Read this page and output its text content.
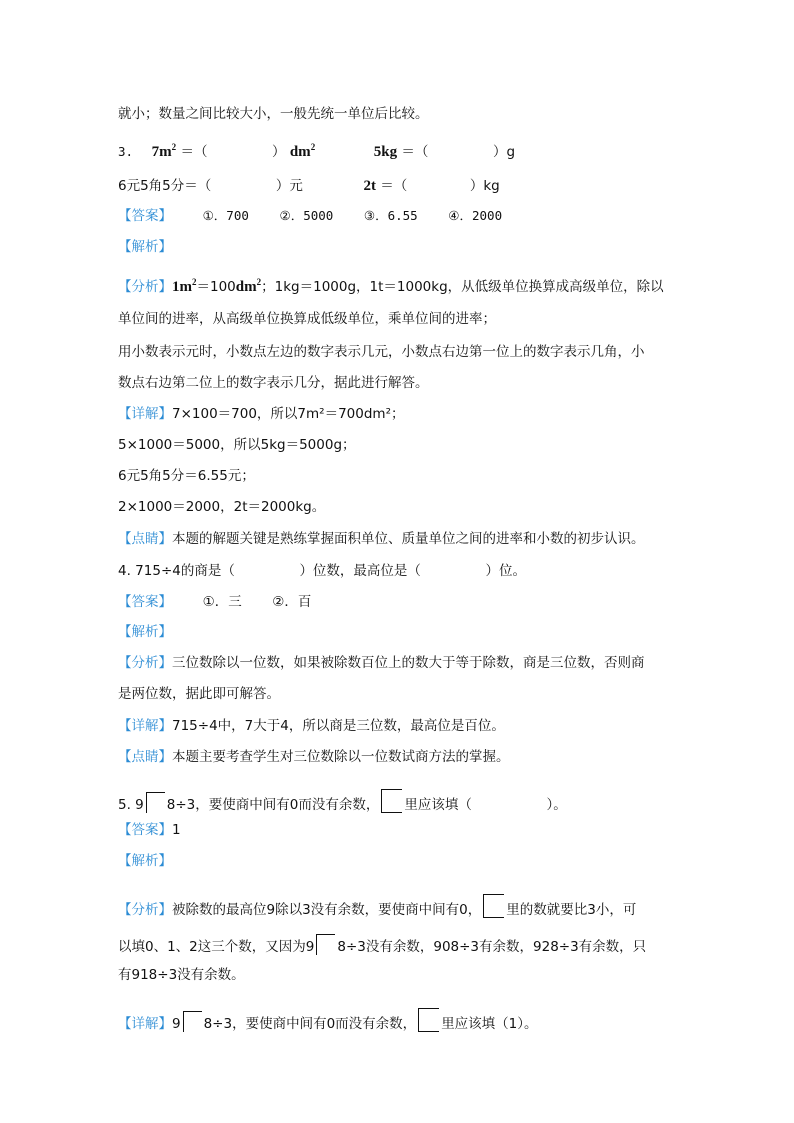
就小；数量之间比较大小，一般先统一单位后比较。
3. $7m^2$ ＝（	） $dm^2$	5kg ＝（	）g
6元5角5分＝（	）元	2t ＝（	）kg
【答案】 ①．700 ②．5000 ③．6.55 ④．2000
【解析】
【分析】$1m^2=100dm^2$；1kg＝1000g，1t＝1000kg，从低级单位换算成高级单位，除以
单位间的进率，从高级单位换算成低级单位，乘单位间的进率；
用小数表示元时，小数点左边的数字表示几元，小数点右边第一位上的数字表示几角，小
数点右边第二位上的数字表示几分，据此进行解答。
【详解】7×100＝700，所以7m²＝700dm²；
5×1000＝5000，所以5kg＝5000g；
6元5角5分＝6.55元；
2×1000＝2000，2t＝2000kg。
【点睛】本题的解题关键是熟练掌握面积单位、质量单位之间的进率和小数的初步认识。
4. 715÷4的商是（	）位数，最高位是（	）位。
【答案】 ①．三 ②．百
【解析】
【分析】三位数除以一位数，如果被除数百位上的数大于等于除数，商是三位数，否则商
是两位数，据此即可解答。
【详解】715÷4中，7大于4，所以商是三位数，最高位是百位。
【点睛】本题主要考查学生对三位数除以一位数试商方法的掌握。
5. 9 8÷3，要使商中间有0而没有余数， 里应该填（	）。
【答案】1
【解析】
【分析】被除数的最高位9除以3没有余数，要使商中间有0， 里的数就要比3小，可
以填0、1、2这三个数，又因为9 8÷3没有余数，908÷3有余数，928÷3有余数，只
有918÷3没有余数。
【详解】9 8÷3，要使商中间有0而没有余数， 里应该填（1）。
